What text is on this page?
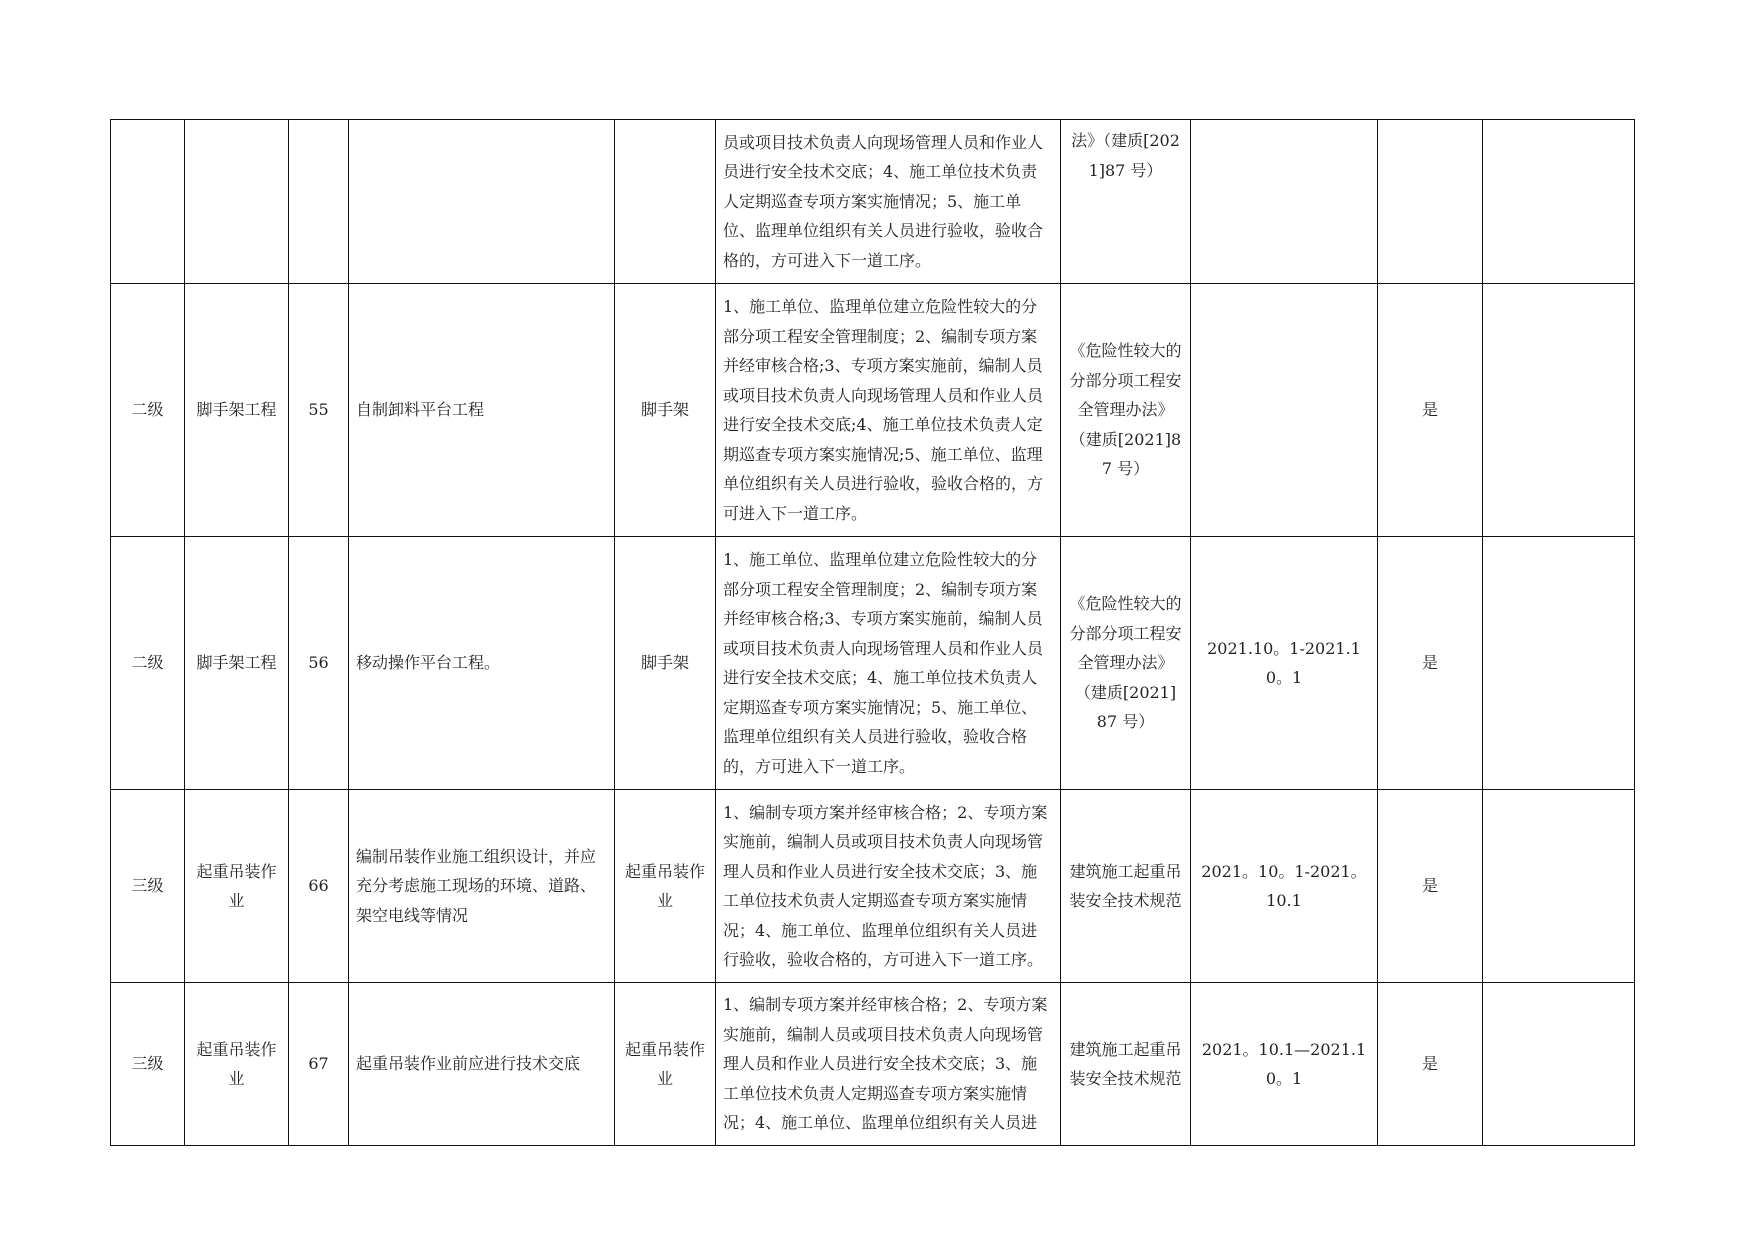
					员或项目技术负责人向现场管理人员和作业人员进行安全技术交底；4、施工单位技术负责人定期巡查专项方案实施情况；5、施工单位、监理单位组织有关人员进行验收，验收合格的，方可进入下一道工序。	法》（建质[2021]87 号）			
二级	脚手架工程	55	自制卸料平台工程	脚手架	1、施工单位、监理单位建立危险性较大的分部分项工程安全管理制度；2、编制专项方案并经审核合格;3、专项方案实施前，编制人员或项目技术负责人向现场管理人员和作业人员进行安全技术交底;4、施工单位技术负责人定期巡查专项方案实施情况;5、施工单位、监理单位组织有关人员进行验收，验收合格的，方可进入下一道工序。	《危险性较大的分部分项工程安全管理办法》（建质[2021]87 号）		是	
二级	脚手架工程	56	移动操作平台工程。	脚手架	1、施工单位、监理单位建立危险性较大的分部分项工程安全管理制度；2、编制专项方案并经审核合格;3、专项方案实施前，编制人员或项目技术负责人向现场管理人员和作业人员进行安全技术交底；4、施工单位技术负责人定期巡查专项方案实施情况；5、施工单位、监理单位组织有关人员进行验收，验收合格的，方可进入下一道工序。	《危险性较大的分部分项工程安全管理办法》（建质[2021] 87 号）	2021.10。1-2021.10。1	是	
三级	起重吊装作业	66	编制吊装作业施工组织设计，并应充分考虑施工现场的环境、道路、架空电线等情况	起重吊装作业	1、编制专项方案并经审核合格；2、专项方案实施前，编制人员或项目技术负责人向现场管理人员和作业人员进行安全技术交底；3、施工单位技术负责人定期巡查专项方案实施情况；4、施工单位、监理单位组织有关人员进行验收，验收合格的，方可进入下一道工序。	建筑施工起重吊装安全技术规范	2021。10。1-2021。10.1	是	
三级	起重吊装作业	67	起重吊装作业前应进行技术交底	起重吊装作业	1、编制专项方案并经审核合格；2、专项方案实施前，编制人员或项目技术负责人向现场管理人员和作业人员进行安全技术交底；3、施工单位技术负责人定期巡查专项方案实施情况；4、施工单位、监理单位组织有关人员进	建筑施工起重吊装安全技术规范	2021。10.1—2021.10。1	是	
